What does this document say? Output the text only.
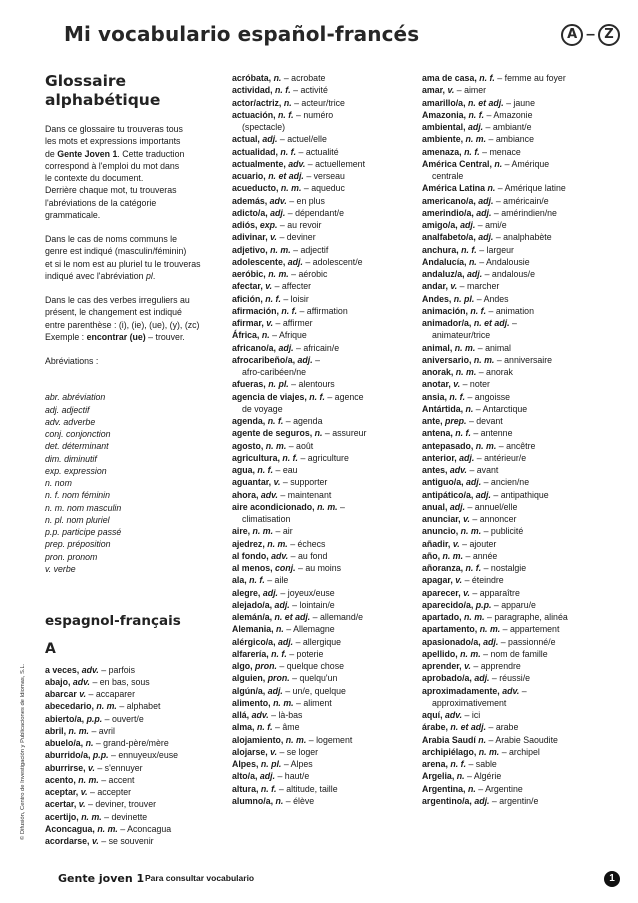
Mi vocabulario español-francés	A – Z
© Difusión, Centro de Investigación y Publicaciones de Idiomas, S.L.
Glossaire alphabétique

Dans ce glossaire tu trouveras tous
les mots et expressions importants
de Gente Joven 1. Cette traduction
correspond à l'emploi du mot dans
le contexte du document.
Derrière chaque mot, tu trouveras
l'abréviations de la catégorie
grammaticale.

Dans le cas de noms communs le
genre est indiqué (masculin/féminin)
et si le nom est au pluriel tu le trouveras
indiqué avec l'abréviation pl.

Dans le cas des verbes irreguliers au
présent, le changement est indiqué
entre parenthèse : (i), (ie), (ue), (y), (zc)
Exemple : encontrar (ue) – trouver.

Abréviations :

abr. abréviation
adj. adjectif
adv. adverbe
conj. conjonction
det. déterminant
dim. diminutif
exp. expression
n. nom
n. f. nom féminin
n. m. nom masculin
n. pl. nom pluriel
p.p. participe passé
prep. préposition
pron. pronom
v. verbe
espagnol-français
A
a veces, adv. – parfois
abajo, adv. – en bas, sous
abarcar v. – accaparer
abecedario, n. m. – alphabet
abierto/a, p.p. – ouvert/e
abril, n. m. – avril
abuelo/a, n. – grand-père/mère
aburrido/a, p.p. – ennuyeux/euse
aburrirse, v. – s'ennuyer
acento, n. m. – accent
aceptar, v. – accepter
acertar, v. – deviner, trouver
acertijo, n. m. – devinette
Aconcagua, n. m. – Aconcagua
acordarse, v. – se souvenir
acróbata, n. – acrobate
actividad, n. f. – activité
actor/actriz, n. – acteur/trice
actuación, n. f. – numéro
(spectacle)
actual, adj. – actuel/elle
actualidad, n. f. – actualité
actualmente, adv. – actuellement
acuario, n. et adj. – verseau
acueducto, n. m. – aqueduc
además, adv. – en plus
adicto/a, adj. – dépendant/e
adiós, exp. – au revoir
adivinar, v. – deviner
adjetivo, n. m. – adjectif
adolescente, adj. – adolescent/e
aeróbic, n. m. – aérobic
afectar, v. – affecter
afición, n. f. – loisir
afirmación, n. f. – affirmation
afirmar, v. – affirmer
África, n. – Afrique
africano/a, adj. – africain/e
afrocaribeño/a, adj. –
afro-caribéen/ne
afueras, n. pl. – alentours
agencia de viajes, n. f. – agence
de voyage
agenda, n. f. – agenda
agente de seguros, n. – assureur
agosto, n. m. – août
agricultura, n. f. – agriculture
agua, n. f. – eau
aguantar, v. – supporter
ahora, adv. – maintenant
aire acondicionado, n. m. –
climatisation
aire, n. m. – air
ajedrez, n. m. – échecs
al fondo, adv. – au fond
al menos, conj. – au moins
ala, n. f. – aile
alegre, adj. – joyeux/euse
alejado/a, adj. – lointain/e
alemán/a, n. et adj. – allemand/e
Alemania, n. – Allemagne
alérgico/a, adj. – allergique
alfarería, n. f. – poterie
algo, pron. – quelque chose
alguien, pron. – quelqu'un
algún/a, adj. – un/e, quelque
alimento, n. m. – aliment
allá, adv. – là-bas
alma, n. f. – âme
alojamiento, n. m. – logement
alojarse, v. – se loger
Alpes, n. pl. – Alpes
alto/a, adj. – haut/e
altura, n. f. – altitude, taille
alumno/a, n. – élève
ama de casa, n. f. – femme au foyer
amar, v. – aimer
amarillo/a, n. et adj. – jaune
Amazonia, n. f. – Amazonie
ambiental, adj. – ambiant/e
ambiente, n. m. – ambiance
amenaza, n. f. – menace
América Central, n. – Amérique
centrale
América Latina n. – Amérique latine
americano/a, adj. – américain/e
amerindio/a, adj. – amérindien/ne
amigo/a, adj. – ami/e
analfabeto/a, adj. – analphabète
anchura, n. f. – largeur
Andalucía, n. – Andalousie
andaluz/a, adj. – andalous/e
andar, v. – marcher
Andes, n. pl. – Andes
animación, n. f. – animation
animador/a, n. et adj. –
animateur/trice
animal, n. m. – animal
aniversario, n. m. – anniversaire
anorak, n. m. – anorak
anotar, v. – noter
ansia, n. f. – angoisse
Antártida, n. – Antarctique
ante, prep. – devant
antena, n. f. – antenne
antepasado, n. m. – ancêtre
anterior, adj. – antérieur/e
antes, adv. – avant
antiguo/a, adj. – ancien/ne
antipático/a, adj. – antipathique
anual, adj. – annuel/elle
anunciar, v. – annoncer
anuncio, n. m. – publicité
añadir, v. – ajouter
año, n. m. – année
añoranza, n. f. – nostalgie
apagar, v. – éteindre
aparecer, v. – apparaître
aparecido/a, p.p. – apparu/e
apartado, n. m. – paragraphe, alinéa
apartamento, n. m. – appartement
apasionado/a, adj. – passionné/e
apellido, n. m. – nom de famille
aprender, v. – apprendre
aprobado/a, adj. – réussi/e
aproximadamente, adv. –
approximativement
aquí, adv. – ici
árabe, n. et adj. – arabe
Arabia Saudí n. – Arabie Saoudite
archipiélago, n. m. – archipel
arena, n. f. – sable
Argelia, n. – Algérie
Argentina, n. – Argentine
argentino/a, adj. – argentin/e
Gente joven 1 Para consultar vocabulario	1
